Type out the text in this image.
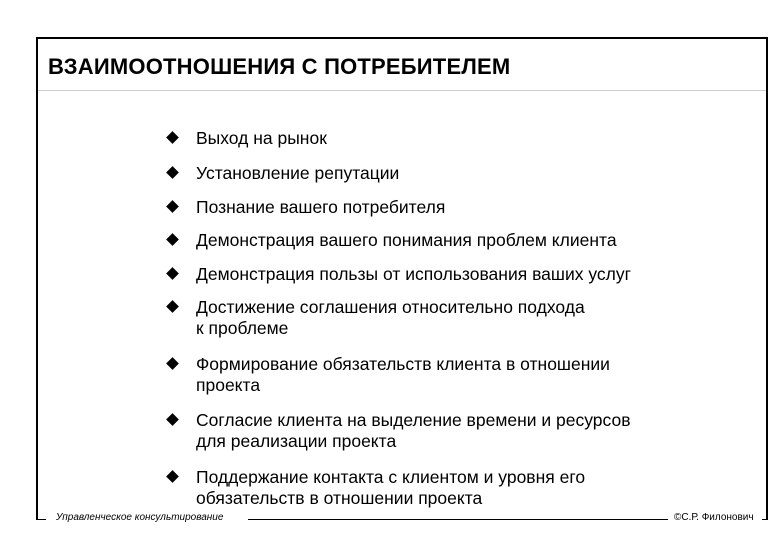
ВЗАИМООТНОШЕНИЯ С ПОТРЕБИТЕЛЕМ
Выход на рынок
Установление репутации
Познание вашего потребителя
Демонстрация вашего понимания проблем клиента
Демонстрация пользы от использования ваших услуг
Достижение соглашения относительно подхода
к проблеме
Формирование обязательств клиента в отношении
проекта
Согласие клиента на выделение времени и ресурсов
для реализации проекта
Поддержание контакта с клиентом и уровня его
обязательств в отношении проекта
Управленческое консультирование	©С.Р. Филонович
